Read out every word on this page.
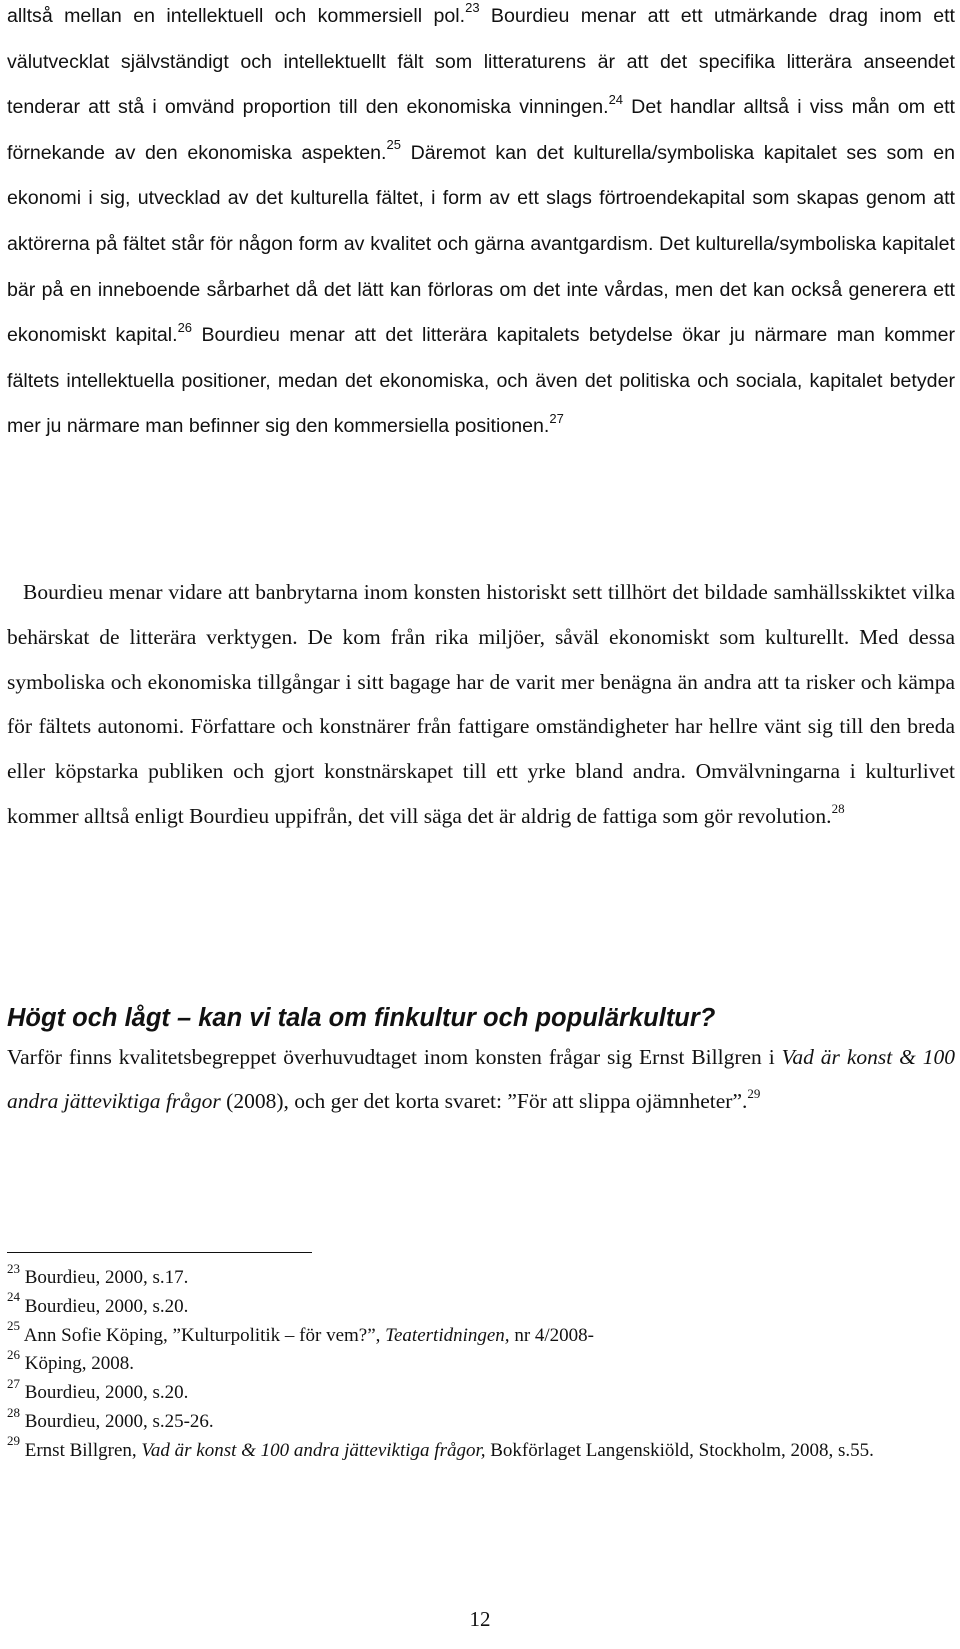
alltså mellan en intellektuell och kommersiell pol.$^{23}$ Bourdieu menar att ett utmärkande drag inom ett välutvecklat självständigt och intellektuellt fält som litteraturens är att det specifika litterära anseendet tenderar att stå i omvänd proportion till den ekonomiska vinningen.$^{24}$ Det handlar alltså i viss mån om ett förnekande av den ekonomiska aspekten.$^{25}$ Däremot kan det kulturella/symboliska kapitalet ses som en ekonomi i sig, utvecklad av det kulturella fältet, i form av ett slags förtroendekapital som skapas genom att aktörerna på fältet står för någon form av kvalitet och gärna avantgardism. Det kulturella/symboliska kapitalet bär på en inneboende sårbarhet då det lätt kan förloras om det inte vårdas, men det kan också generera ett ekonomiskt kapital.$^{26}$ Bourdieu menar att det litterära kapitalets betydelse ökar ju närmare man kommer fältets intellektuella positioner, medan det ekonomiska, och även det politiska och sociala, kapitalet betyder mer ju närmare man befinner sig den kommersiella positionen.$^{27}$

Bourdieu menar vidare att banbrytarna inom konsten historiskt sett tillhört det bildade samhällsskiktet vilka behärskat de litterära verktygen. De kom från rika miljöer, såväl ekonomiskt som kulturellt. Med dessa symboliska och ekonomiska tillgångar i sitt bagage har de varit mer benägna än andra att ta risker och kämpa för fältets autonomi. Författare och konstnärer från fattigare omständigheter har hellre vänt sig till den breda eller köpstarka publiken och gjort konstnärskapet till ett yrke bland andra. Omvälvningarna i kulturlivet kommer alltså enligt Bourdieu uppifrån, det vill säga det är aldrig de fattiga som gör revolution.$^{28}$

Högt och lågt – kan vi tala om finkultur och populärkultur?

Varför finns kvalitetsbegreppet överhuvudtaget inom konsten frågar sig Ernst Billgren i Vad är konst & 100 andra jätteviktiga frågor (2008), och ger det korta svaret: ”För att slippa ojämnheter”.$^{29}$

$^{23}$ Bourdieu, 2000, s.17.
$^{24}$ Bourdieu, 2000, s.20.
$^{25}$ Ann Sofie Köping, ”Kulturpolitik – för vem?”, Teatertidningen, nr 4/2008-
$^{26}$ Köping, 2008.
$^{27}$ Bourdieu, 2000, s.20.
$^{28}$ Bourdieu, 2000, s.25-26.
$^{29}$ Ernst Billgren, Vad är konst & 100 andra jätteviktiga frågor, Bokförlaget Langenskiöld, Stockholm, 2008, s.55.
12
